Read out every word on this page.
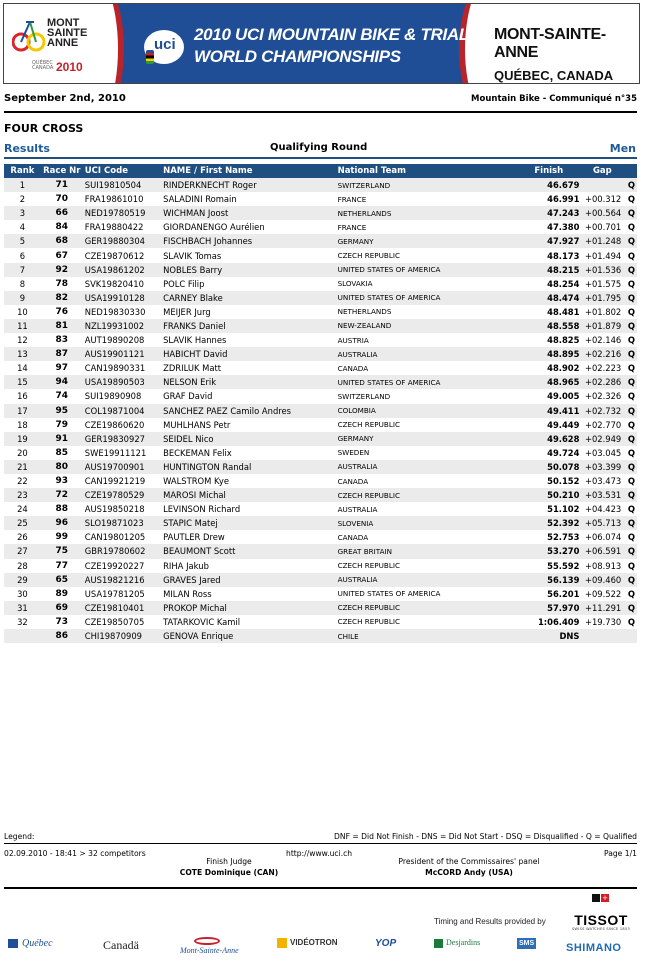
MONT
SAINTE
ANNE
QUÉBEC
CANADA 2010
uci
2010 UCI MOUNTAIN BIKE & TRIALS
WORLD CHAMPIONSHIPS
MONT-SAINTE-ANNE
QUÉBEC, CANADA
September 2nd, 2010	Mountain Bike - Communiqué n°35
FOUR CROSS
Results	Qualifying Round	Men
Rank	Race Nr	UCI Code	NAME / First Name	National Team	Finish	Gap	
1	71	SUI19810504	RINDERKNECHT Roger	SWITZERLAND	46.679		Q
2	70	FRA19861010	SALADINI Romain	FRANCE	46.991	+00.312	Q
3	66	NED19780519	WICHMAN Joost	NETHERLANDS	47.243	+00.564	Q
4	84	FRA19880422	GIORDANENGO Aurélien	FRANCE	47.380	+00.701	Q
5	68	GER19880304	FISCHBACH Johannes	GERMANY	47.927	+01.248	Q
6	67	CZE19870612	SLAVIK Tomas	CZECH REPUBLIC	48.173	+01.494	Q
7	92	USA19861202	NOBLES Barry	UNITED STATES OF AMERICA	48.215	+01.536	Q
8	78	SVK19820410	POLC Filip	SLOVAKIA	48.254	+01.575	Q
9	82	USA19910128	CARNEY Blake	UNITED STATES OF AMERICA	48.474	+01.795	Q
10	76	NED19830330	MEIJER Jurg	NETHERLANDS	48.481	+01.802	Q
11	81	NZL19931002	FRANKS Daniel	NEW-ZEALAND	48.558	+01.879	Q
12	83	AUT19890208	SLAVIK Hannes	AUSTRIA	48.825	+02.146	Q
13	87	AUS19901121	HABICHT David	AUSTRALIA	48.895	+02.216	Q
14	97	CAN19890331	ZDRILUK Matt	CANADA	48.902	+02.223	Q
15	94	USA19890503	NELSON Erik	UNITED STATES OF AMERICA	48.965	+02.286	Q
16	74	SUI19890908	GRAF David	SWITZERLAND	49.005	+02.326	Q
17	95	COL19871004	SANCHEZ PAEZ Camilo Andres	COLOMBIA	49.411	+02.732	Q
18	79	CZE19860620	MUHLHANS Petr	CZECH REPUBLIC	49.449	+02.770	Q
19	91	GER19830927	SEIDEL Nico	GERMANY	49.628	+02.949	Q
20	85	SWE19911121	BECKEMAN Felix	SWEDEN	49.724	+03.045	Q
21	80	AUS19700901	HUNTINGTON Randal	AUSTRALIA	50.078	+03.399	Q
22	93	CAN19921219	WALSTROM Kye	CANADA	50.152	+03.473	Q
23	72	CZE19780529	MAROSI Michal	CZECH REPUBLIC	50.210	+03.531	Q
24	88	AUS19850218	LEVINSON Richard	AUSTRALIA	51.102	+04.423	Q
25	96	SLO19871023	STAPIC Matej	SLOVENIA	52.392	+05.713	Q
26	99	CAN19801205	PAUTLER Drew	CANADA	52.753	+06.074	Q
27	75	GBR19780602	BEAUMONT Scott	GREAT BRITAIN	53.270	+06.591	Q
28	77	CZE19920227	RIHA Jakub	CZECH REPUBLIC	55.592	+08.913	Q
29	65	AUS19821216	GRAVES Jared	AUSTRALIA	56.139	+09.460	Q
30	89	USA19781205	MILAN Ross	UNITED STATES OF AMERICA	56.201	+09.522	Q
31	69	CZE19810401	PROKOP Michal	CZECH REPUBLIC	57.970	+11.291	Q
32	73	CZE19850705	TATARKOVIC Kamil	CZECH REPUBLIC	1:06.409	+19.730	Q
	86	CHI19870909	GENOVA Enrique	CHILE	DNS		
Legend:	DNF = Did Not Finish - DNS = Did Not Start - DSQ = Disqualified - Q = Qualified
02.09.2010 - 18:41 > 32 competitors	http://www.uci.ch	Page 1/1
Finish Judge
COTE Dominique (CAN)
President of the Commissaires' panel
McCORD Andy (USA)
Timing and Results provided by
+
TISSOT
SWISS WATCHES SINCE 1853
Québec	Canadä	Mont-Sainte-Anne
VIDÉOTRON	YOP	Desjardins	SMS	SHIMANO
